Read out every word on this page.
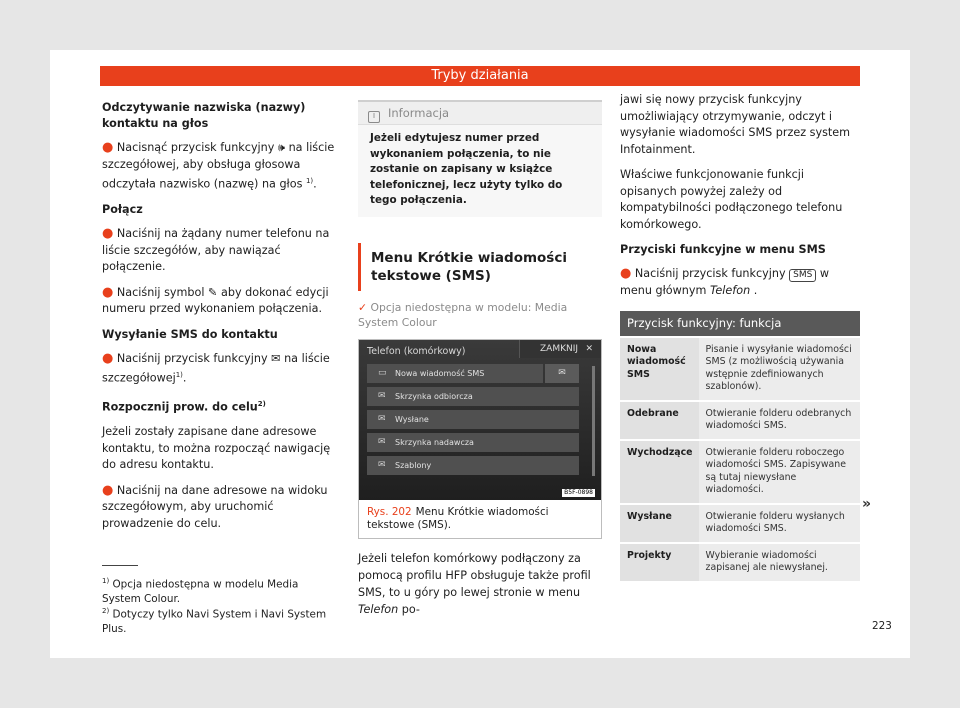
Tryby działania
Odczytywanie nazwiska (nazwy) kontaktu na głos

● Nacisnąć przycisk funkcyjny 🕪 na liście szczegółowej, aby obsługa głosowa odczytała nazwisko (nazwę) na głos $^{1)}$.

Połącz

● Naciśnij na żądany numer telefonu na liście szczegółów, aby nawiązać połączenie.

● Naciśnij symbol ✎ aby dokonać edycji numeru przed wykonaniem połączenia.

Wysyłanie SMS do kontaktu

● Naciśnij przycisk funkcyjny ✉ na liście szczegółowej$^{1)}$.

Rozpocznij prow. do celu$^{2)}$

Jeżeli zostały zapisane dane adresowe kontaktu, to można rozpocząć nawigację do adresu kontaktu.

● Naciśnij na dane adresowe na widoku szczegółowym, aby uruchomić prowadzenie do celu.

i Informacja
Jeżeli edytujesz numer przed wykonaniem połączenia, to nie zostanie on zapisany w książce telefonicznej, lecz użyty tylko do tego połączenia.
Menu Krótkie wiadomości tekstowe (SMS)
✓ Opcja niedostępna w modelu: Media System Colour
Telefon (komórkowy)	ZAMKNIJ ✕
▭ Nowa wiadomość SMS	✉
✉ Skrzynka odbiorcza
✉ Wysłane
✉ Skrzynka nadawcza
✉ Szablony
B5F-0898
Rys. 202 Menu Krótkie wiadomości tekstowe (SMS).

Jeżeli telefon komórkowy podłączony za pomocą profilu HFP obsługuje także profil SMS, to u góry po lewej stronie w menu Telefon po-

jawi się nowy przycisk funkcyjny umożliwiający otrzymywanie, odczyt i wysyłanie wiadomości SMS przez system Infotainment.

Właściwe funkcjonowanie funkcji opisanych powyżej zależy od kompatybilności podłączonego telefonu komórkowego.

Przyciski funkcyjne w menu SMS

● Naciśnij przycisk funkcyjny SMS w menu głównym Telefon .

Przycisk funkcyjny: funkcja	
Nowa wiadomość SMS	Pisanie i wysyłanie wiadomości SMS (z możliwością używania wstępnie zdefiniowanych szablonów).
Odebrane	Otwieranie folderu odebranych wiadomości SMS.
Wychodzące	Otwieranie folderu roboczego wiadomości SMS. Zapisywane są tutaj niewysłane wiadomości.
Wysłane	Otwieranie folderu wysłanych wiadomości SMS.
Projekty	Wybieranie wiadomości zapisanej ale niewysłanej.
»
$^{1)}$ Opcja niedostępna w modelu Media System Colour.
$^{2)}$ Dotyczy tylko Navi System i Navi System Plus.	223
